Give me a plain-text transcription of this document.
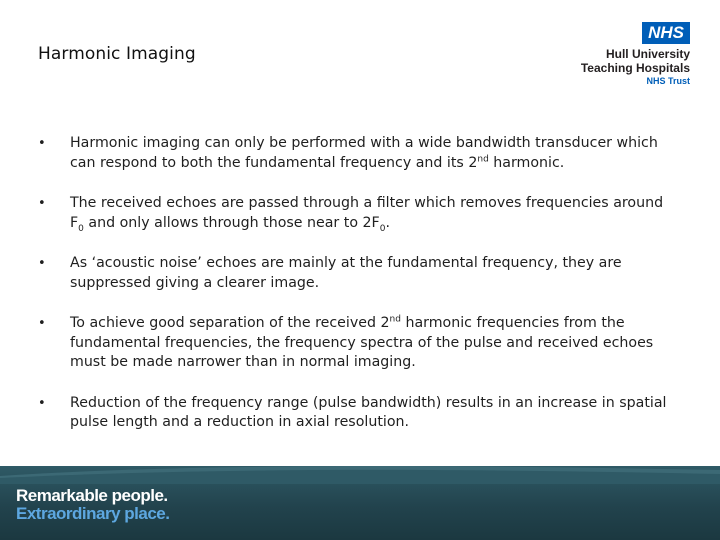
Harmonic Imaging
NHS
Hull University
Teaching Hospitals
NHS Trust
• Harmonic imaging can only be performed with a wide bandwidth transducer which can respond to both the fundamental frequency and its 2nd harmonic.
• The received echoes are passed through a filter which removes frequencies around $F_0$ and only allows through those near to $2F_0$.
• As ‘acoustic noise’ echoes are mainly at the fundamental frequency, they are suppressed giving a clearer image.
• To achieve good separation of the received 2nd harmonic frequencies from the fundamental frequencies, the frequency spectra of the pulse and received echoes must be made narrower than in normal imaging.
• Reduction of the frequency range (pulse bandwidth) results in an increase in spatial pulse length and a reduction in axial resolution.
Remarkable people.
Extraordinary place.
